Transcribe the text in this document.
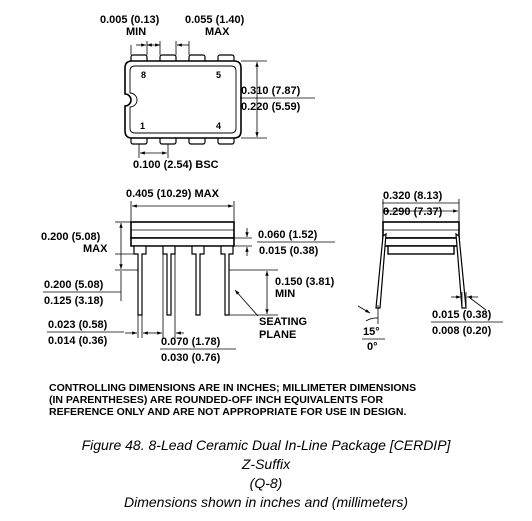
8	5
1	4
0.005 (0.13)
MIN
0.055 (1.40)
MAX
0.310 (7.87)
0.220 (5.59)
0.100 (2.54) BSC
0.405 (10.29) MAX
0.200 (5.08)
MAX
0.200 (5.08)
0.125 (3.18)
0.060 (1.52)
0.015 (0.38)
0.150 (3.81)
MIN
SEATING
PLANE
0.023 (0.58)
0.014 (0.36)	0.070 (1.78)
0.030 (0.76)
0.320 (8.13)
0.290 (7.37)
15°
0°
0.015 (0.38)
0.008 (0.20)
CONTROLLING DIMENSIONS ARE IN INCHES; MILLIMETER DIMENSIONS
(IN PARENTHESES) ARE ROUNDED-OFF INCH EQUIVALENTS FOR
REFERENCE ONLY AND ARE NOT APPROPRIATE FOR USE IN DESIGN.
Figure 48. 8-Lead Ceramic Dual In-Line Package [CERDIP]
Z-Suffix
(Q-8)
Dimensions shown in inches and (millimeters)
